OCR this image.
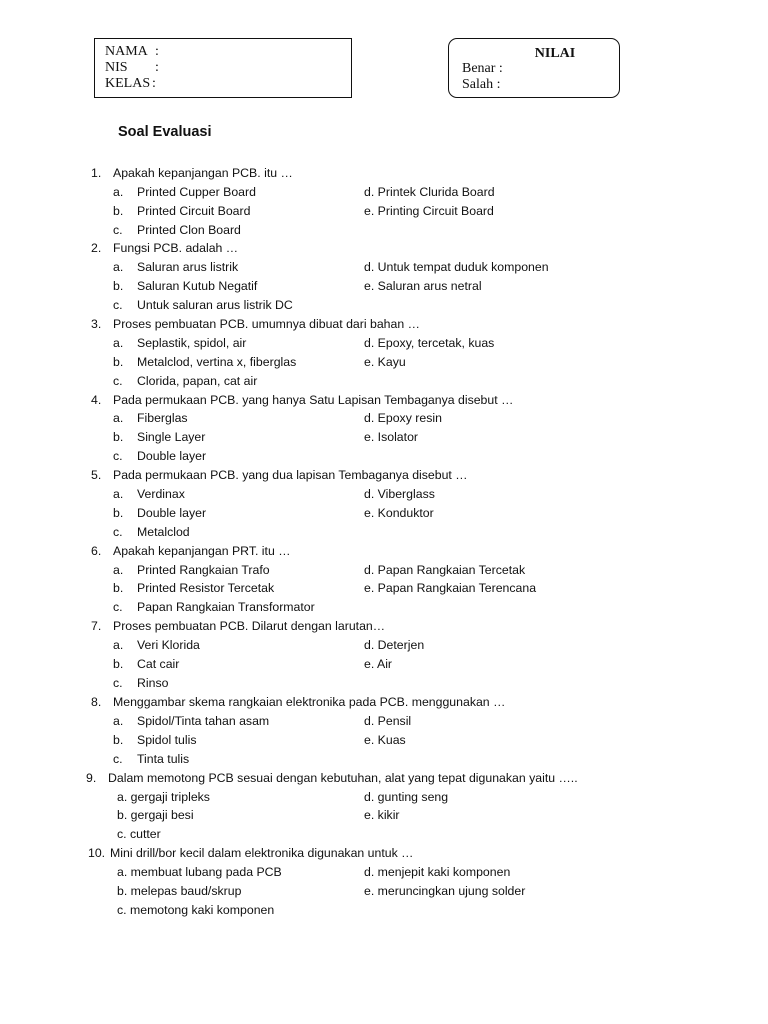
NAMA :
NIS :
KELAS :
NILAI
Benar :
Salah :
Soal Evaluasi
1. Apakah kepanjangan PCB. itu …
a. Printed Cupper Board
b. Printed Circuit Board
c. Printed Clon Board
d. Printek Clurida Board
e. Printing Circuit Board
2. Fungsi PCB. adalah …
a. Saluran arus listrik
b. Saluran Kutub Negatif
c. Untuk saluran arus listrik DC
d. Untuk tempat duduk komponen
e. Saluran arus netral
3. Proses pembuatan PCB. umumnya dibuat dari bahan …
a. Seplastik, spidol, air
b. Metalclod, vertina x, fiberglas
c. Clorida, papan, cat air
d. Epoxy, tercetak, kuas
e. Kayu
4. Pada permukaan PCB. yang hanya Satu Lapisan Tembaganya disebut …
a. Fiberglas
b. Single Layer
c. Double layer
d. Epoxy resin
e. Isolator
5. Pada permukaan PCB. yang dua lapisan Tembaganya disebut …
a. Verdinax
b. Double layer
c. Metalclod
d. Viberglass
e. Konduktor
6. Apakah kepanjangan PRT. itu …
a. Printed Rangkaian Trafo
b. Printed Resistor Tercetak
c. Papan Rangkaian Transformator
d. Papan Rangkaian Tercetak
e. Papan Rangkaian Terencana
7. Proses pembuatan PCB. Dilarut dengan larutan…
a. Veri Klorida
b. Cat cair
c. Rinso
d. Deterjen
e. Air
8. Menggambar skema rangkaian elektronika pada PCB. menggunakan …
a. Spidol/Tinta tahan asam
b. Spidol tulis
c. Tinta tulis
d. Pensil
e. Kuas
9. Dalam memotong PCB sesuai dengan kebutuhan, alat yang tepat digunakan yaitu …..
a. gergaji tripleks
b. gergaji besi
c. cutter
d. gunting seng
e. kikir
10. Mini drill/bor kecil dalam elektronika digunakan untuk …
a. membuat lubang pada PCB
b. melepas baud/skrup
c. memotong kaki komponen
d. menjepit kaki komponen
e. meruncingkan ujung solder
